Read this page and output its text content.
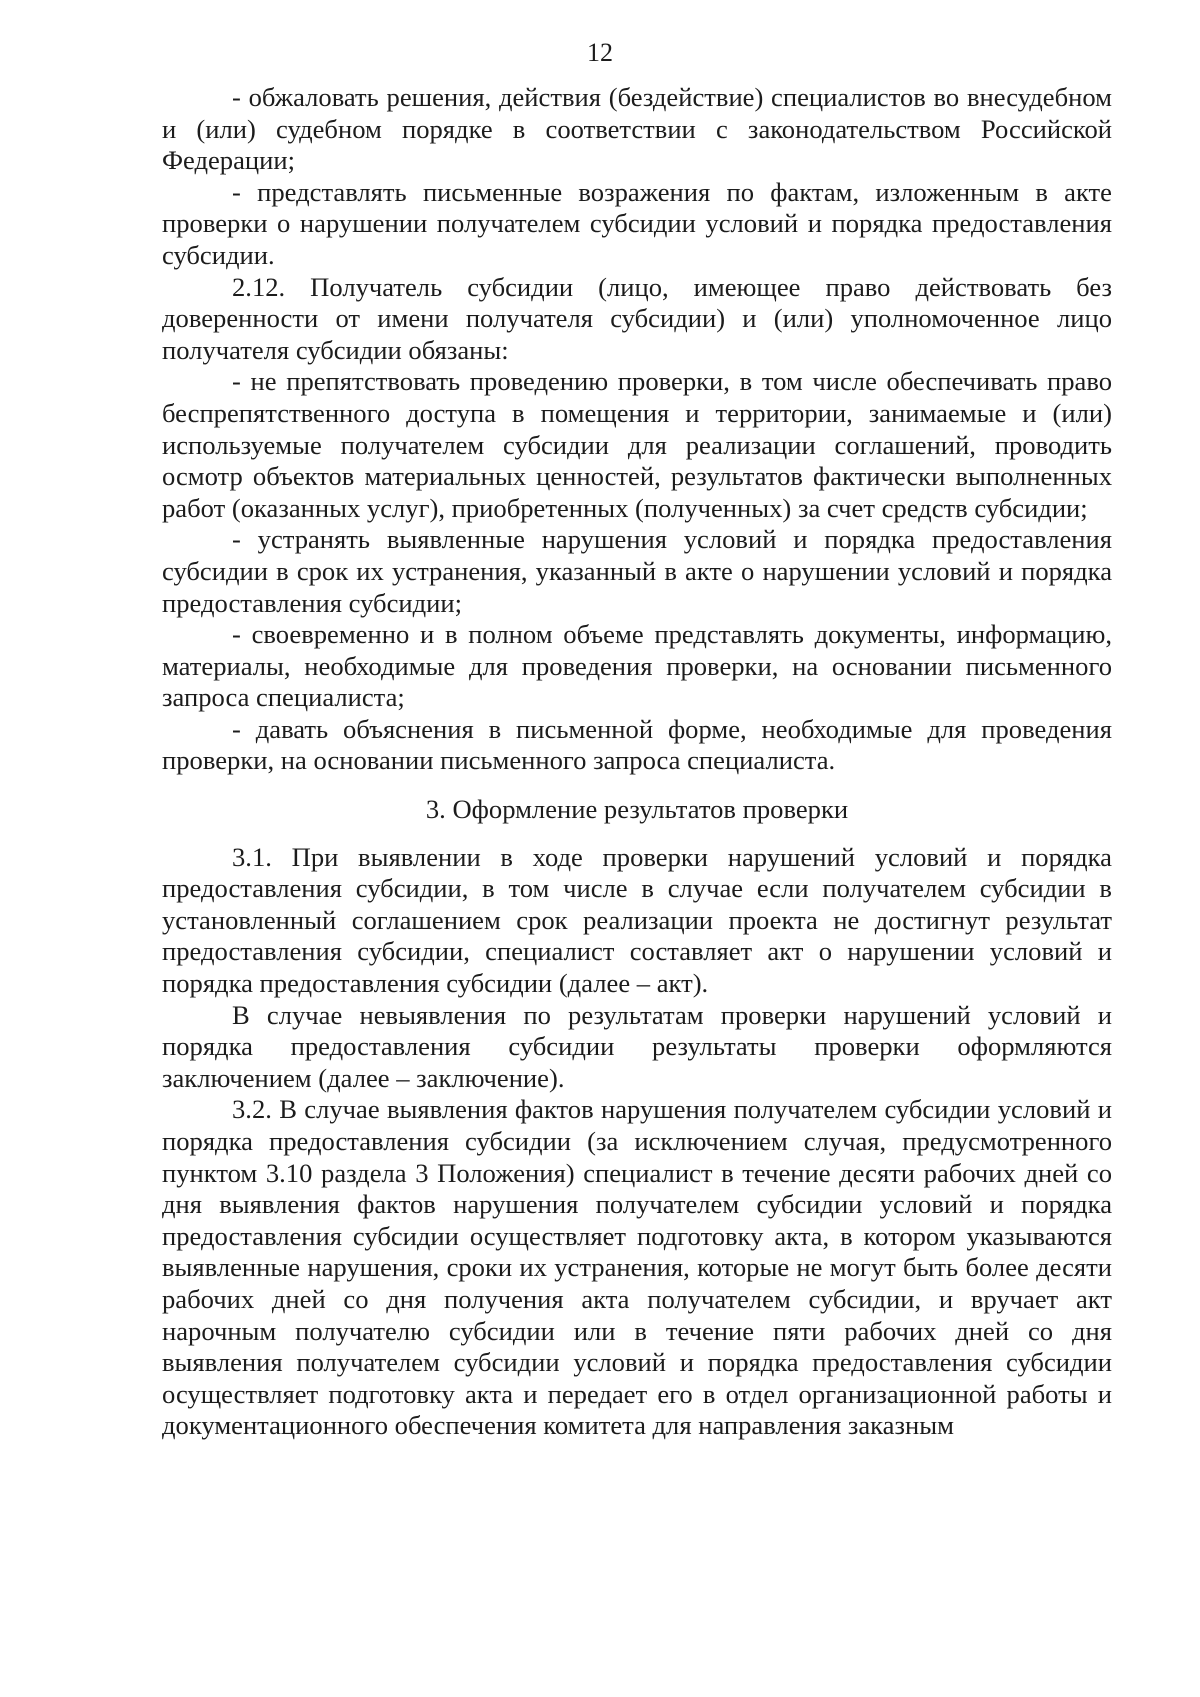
12

- обжаловать решения, действия (бездействие) специалистов во внесудебном и (или) судебном порядке в соответствии с законодательством Российской Федерации;

- представлять письменные возражения по фактам, изложенным в акте проверки о нарушении получателем субсидии условий и порядка предоставления субсидии.

2.12. Получатель субсидии (лицо, имеющее право действовать без доверенности от имени получателя субсидии) и (или) уполномоченное лицо получателя субсидии обязаны:

- не препятствовать проведению проверки, в том числе обеспечивать право беспрепятственного доступа в помещения и территории, занимаемые и (или) используемые получателем субсидии для реализации соглашений, проводить осмотр объектов материальных ценностей, результатов фактически выполненных работ (оказанных услуг), приобретенных (полученных) за счет средств субсидии;

- устранять выявленные нарушения условий и порядка предоставления субсидии в срок их устранения, указанный в акте о нарушении условий и порядка предоставления субсидии;

- своевременно и в полном объеме представлять документы, информацию, материалы, необходимые для проведения проверки, на основании письменного запроса специалиста;

- давать объяснения в письменной форме, необходимые для проведения проверки, на основании письменного запроса специалиста.

3. Оформление результатов проверки

3.1. При выявлении в ходе проверки нарушений условий и порядка предоставления субсидии, в том числе в случае если получателем субсидии в установленный соглашением срок реализации проекта не достигнут результат предоставления субсидии, специалист составляет акт о нарушении условий и порядка предоставления субсидии (далее – акт).

В случае невыявления по результатам проверки нарушений условий и порядка предоставления субсидии результаты проверки оформляются заключением (далее – заключение).

3.2. В случае выявления фактов нарушения получателем субсидии условий и порядка предоставления субсидии (за исключением случая, предусмотренного пунктом 3.10 раздела 3 Положения) специалист в течение десяти рабочих дней со дня выявления фактов нарушения получателем субсидии условий и порядка предоставления субсидии осуществляет подготовку акта, в котором указываются выявленные нарушения, сроки их устранения, которые не могут быть более десяти рабочих дней со дня получения акта получателем субсидии, и вручает акт нарочным получателю субсидии или в течение пяти рабочих дней со дня выявления получателем субсидии условий и порядка предоставления субсидии осуществляет подготовку акта и передает его в отдел организационной работы и документационного обеспечения комитета для направления заказным
